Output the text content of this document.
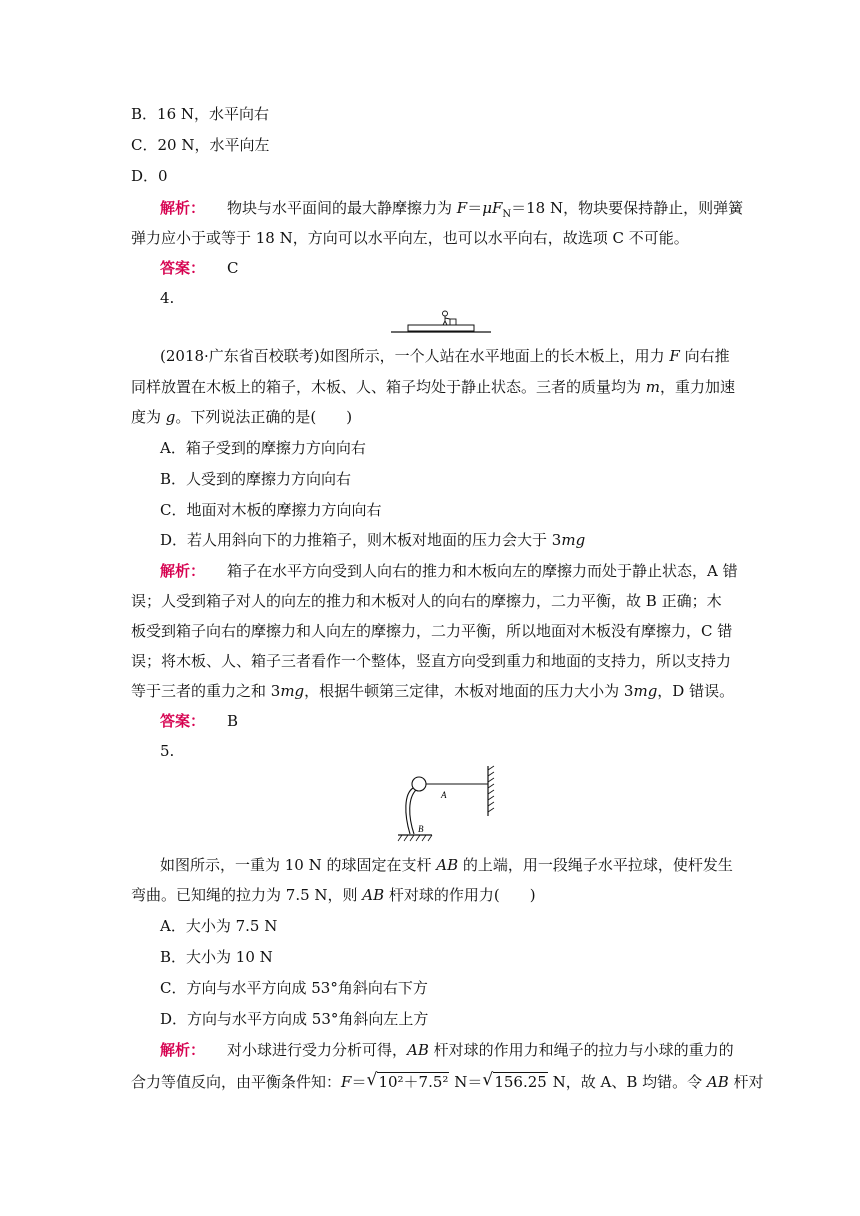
B．16 N，水平向右
C．20 N，水平向左
D．0
解析： 物块与水平面间的最大静摩擦力为 $F=\mu F_N=18$ N，物块要保持静止，则弹簧
弹力应小于或等于 18 N，方向可以水平向左，也可以水平向右，故选项 C 不可能。
答案： C
4.
(2018·广东省百校联考)如图所示，一个人站在水平地面上的长木板上，用力 F 向右推
同样放置在木板上的箱子，木板、人、箱子均处于静止状态。三者的质量均为 m，重力加速
度为 g。下列说法正确的是(　　)
A．箱子受到的摩擦力方向向右
B．人受到的摩擦力方向向右
C．地面对木板的摩擦力方向向右
D．若人用斜向下的力推箱子，则木板对地面的压力会大于 3mg
解析： 箱子在水平方向受到人向右的推力和木板向左的摩擦力而处于静止状态，A 错
误；人受到箱子对人的向左的推力和木板对人的向右的摩擦力，二力平衡，故 B 正确；木
板受到箱子向右的摩擦力和人向左的摩擦力，二力平衡，所以地面对木板没有摩擦力，C 错
误；将木板、人、箱子三者看作一个整体，竖直方向受到重力和地面的支持力，所以支持力
等于三者的重力之和 3mg，根据牛顿第三定律，木板对地面的压力大小为 3mg，D 错误。
答案： B
5.
A
B
如图所示，一重为 10 N 的球固定在支杆 AB 的上端，用一段绳子水平拉球，使杆发生
弯曲。已知绳的拉力为 7.5 N，则 AB 杆对球的作用力(　　)
A．大小为 7.5 N
B．大小为 10 N
C．方向与水平方向成 53°角斜向右下方
D．方向与水平方向成 53°角斜向左上方
解析： 对小球进行受力分析可得，AB 杆对球的作用力和绳子的拉力与小球的重力的
合力等值反向，由平衡条件知：F＝ √ 10²＋7.5² N＝ √ 156.25 N，故 A、B 均错。令 AB 杆对
